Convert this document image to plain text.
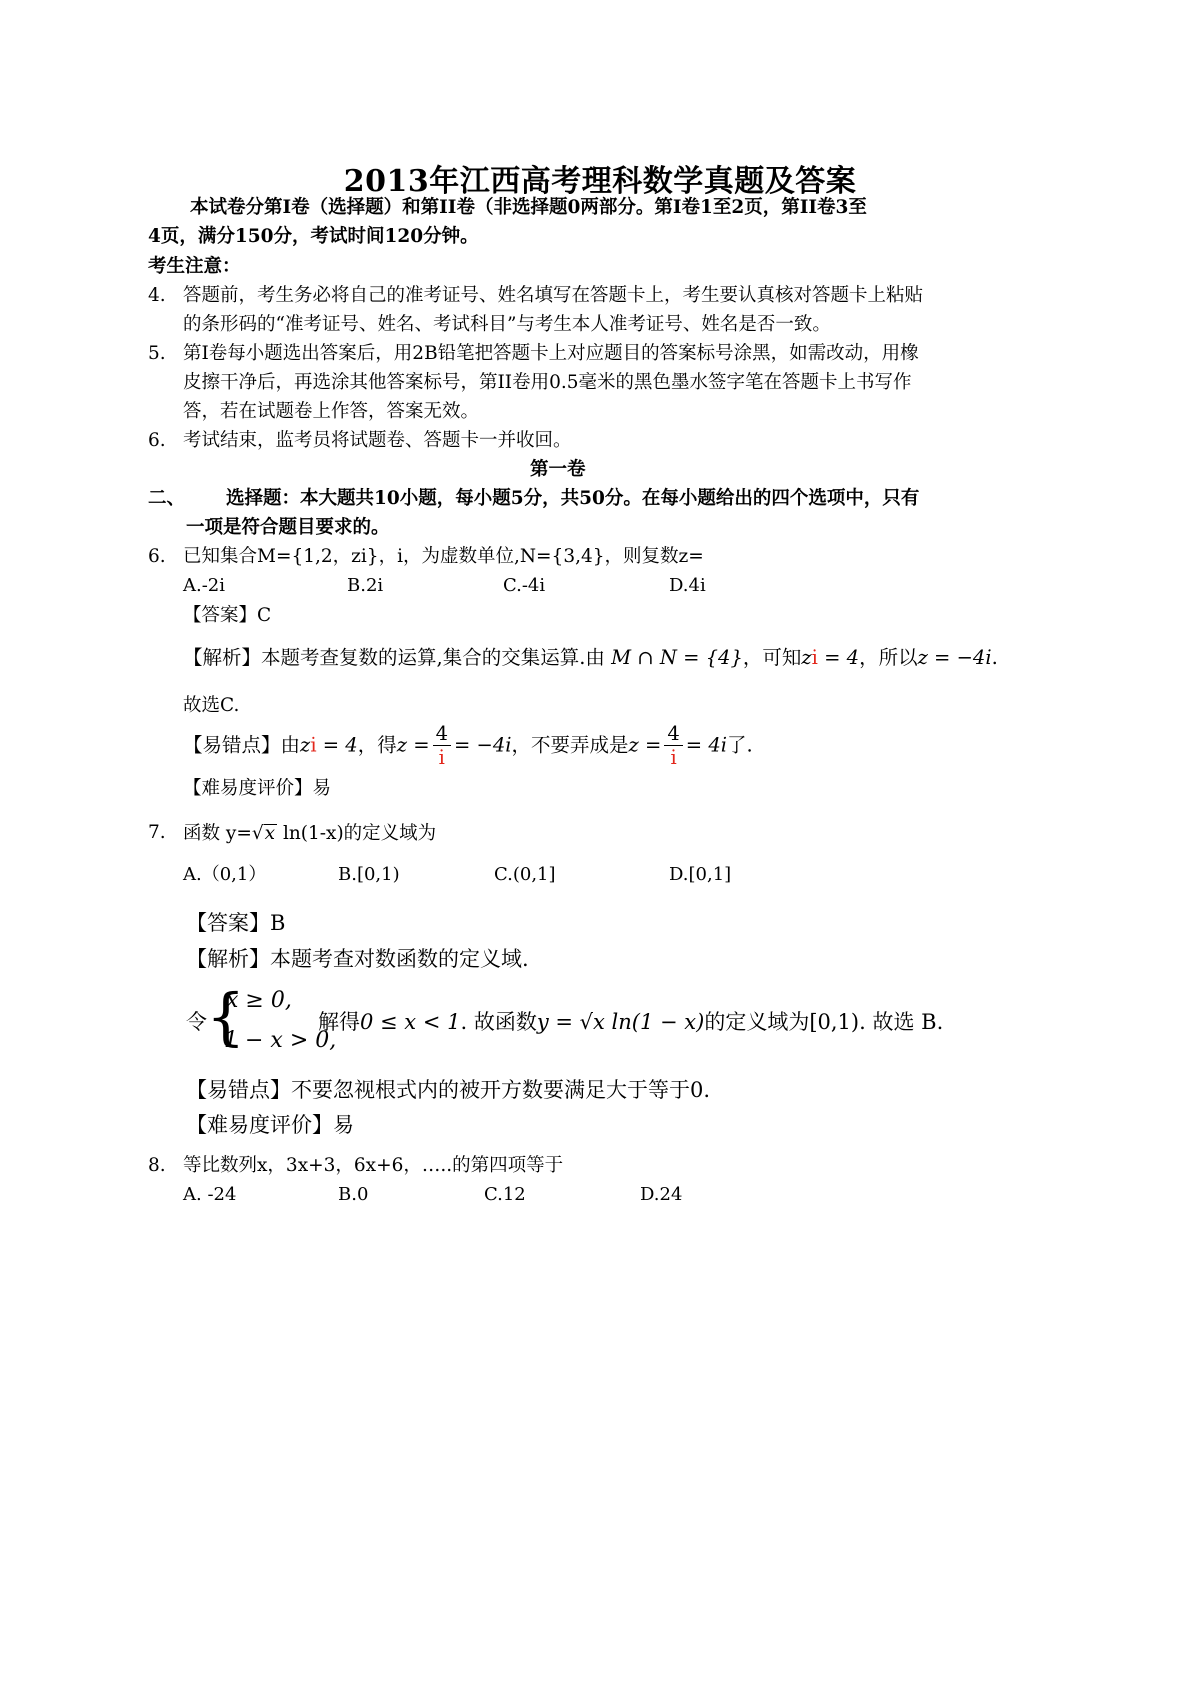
2013年江西高考理科数学真题及答案
本试卷分第Ⅰ卷（选择题）和第II卷（非选择题0两部分。第Ⅰ卷1至2页，第II卷3至
4页，满分150分，考试时间120分钟。
考生注意：
4. 答题前，考生务必将自己的准考证号、姓名填写在答题卡上，考生要认真核对答题卡上粘贴
的条形码的“准考证号、姓名、考试科目”与考生本人准考证号、姓名是否一致。
5. 第Ⅰ卷每小题选出答案后，用2B铅笔把答题卡上对应题目的答案标号涂黑，如需改动，用橡
皮擦干净后，再选涂其他答案标号，第II卷用0.5毫米的黑色墨水签字笔在答题卡上书写作
答，若在试题卷上作答，答案无效。
6. 考试结束，监考员将试题卷、答题卡一并收回。
第一卷
二、 选择题：本大题共10小题，每小题5分，共50分。在每小题给出的四个选项中，只有
一项是符合题目要求的。
6. 已知集合M={1,2，zi}，i，为虚数单位,N={3,4}，则复数z=
A.-2i	B.2i	C.-4i	D.4i
【答案】C
【解析】本题考查复数的运算,集合的交集运算.由 M ∩ N = {4}，可知zi = 4，所以z = −4i.
故选C.
【易错点】由zi = 4，得$z = \frac{4}{i} = -4i$，不要弄成是$z = \frac{4}{i} = 4i$了.
【难易度评价】易
7. 函数 y=√x ln(1-x)的定义域为
A.（0,1）	B.[0,1)	C.(0,1]	D.[0,1]
【答案】B
【解析】本题考查对数函数的定义域.
令 {
x ≥ 0,
1 − x > 0,
解得0 ≤ x < 1. 故函数y = √x ln(1 − x)的定义域为[0,1). 故选 B.
【易错点】不要忽视根式内的被开方数要满足大于等于0.
【难易度评价】易
8. 等比数列x，3x+3，6x+6，…..的第四项等于
A. -24	B.0	C.12	D.24
